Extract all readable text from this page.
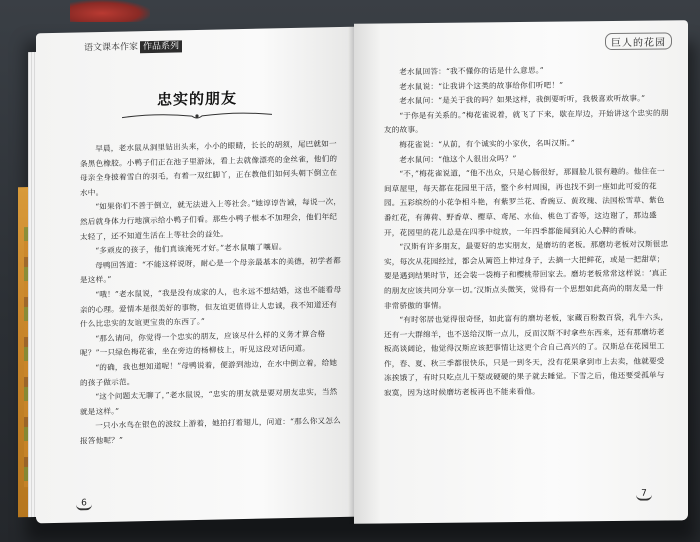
语文课本作家 作品系列
忠实的朋友

早晨，老水鼠从洞里钻出头来，小小的眼睛，长长的胡须，尾巴就如一条黑色橡胶。小鸭子们正在池子里游泳，看上去就像漂亮的金丝雀，他们的母亲全身披着雪白的羽毛，有着一双红脚丫，正在教他们如何头朝下倒立在水中。

“如果你们不善于倒立，就无法进入上等社会。”她谆谆告诫，每说一次，然后就身体力行地演示给小鸭子们看。那些小鸭子根本不加理会，他们年纪太轻了，还不知道生活在上等社会的益处。

“多顽皮的孩子，他们真该淹死才好。”老水鼠嚷了嚷眉。

母鸭回答道：“不能这样说呀，耐心是一个母亲最基本的美德，初学者都是这样。”

“哦！”老水鼠说，“我是没有成家的人，也永远不想结婚，这也不能看母亲的心理。爱情本是很美好的事物，但友谊更值得让人忠诚，我不知道还有什么比忠实的友谊更宝贵的东西了。”

“那么请问，你觉得一个忠实的朋友，应该尽什么样的义务才算合格呢？”一只绿色梅花雀，坐在旁边的杨柳枝上，听见这段对话问道。

“的确，我也想知道呢！”母鸭说着，便游到池边，在水中倒立着，给她的孩子做示范。

“这个问题太无聊了，”老水鼠说，“忠实的朋友就是要对朋友忠实，当然就是这样。”

一只小水鸟在银色的波纹上游着，她拍打着翅儿，问道：“那么你又怎么报答他呢？”

6
巨人的花园

老水鼠回答：“我不懂你的话是什么意思。”

老水鼠说：“让我讲个这类的故事给你们听吧！”

老水鼠问：“是关于我的吗？如果这样，我倒要听听，我极喜欢听故事。”

“于你是有关系的。”梅花雀说着，就飞了下来，歇在岸边，开始讲这个忠实的朋友的故事。

梅花雀说：“从前，有个诚实的小家伙，名叫汉斯。”

老水鼠问：“他这个人很出众吗？”

“不，”梅花雀说道，“他不出众，只是心肠很好，那圆脸儿很有趣的。他住在一间草屋里，每天都在花园里干活，整个乡村周围，再也找不到一座如此可爱的花园。五彩缤纷的小花争相斗艳，有紫罗兰花、香豌豆、黄玫瑰、法国松雪草、紫色番红花，有薄荷、野香草、樱草、鸢尾、水仙、桃色丁香等，这边谢了，那边盛开，花园里的花儿总是在四季中绽放，一年四季都能闻到沁人心脾的香味。

“汉斯有许多朋友，最要好的忠实朋友，是磨坊的老板。那磨坊老板对汉斯很忠实，每次从花园经过，都会从篱笆上伸过身子，去摘一大把鲜花，或是一把甜草；要是遇到结果时节，还会装一袋梅子和樱桃带回家去。磨坊老板常常这样说：‘真正的朋友应该共同分享一切。’汉斯点头微笑，觉得有一个思想如此高尚的朋友是一件非常骄傲的事情。

“有时邻居也觉得很奇怪，如此富有的磨坊老板，家藏百粉数百袋，乳牛六头，还有一大群绵羊，也不送给汉斯一点儿，反而汉斯不时拿些东西来，还有那磨坊老板高谈阔论，他觉得汉斯应该把事情让这更个合自己高兴的了。汉斯总在花园里工作，春、夏、秋三季都很快乐，只是一到冬天，没有花果拿到市上去卖，他就要受冻挨饿了，有时只吃点儿干梨或硬硬的果子就去睡觉。下雪之后，他还要受孤单与寂寞，因为这时候磨坊老板再也不能来看他。

7
